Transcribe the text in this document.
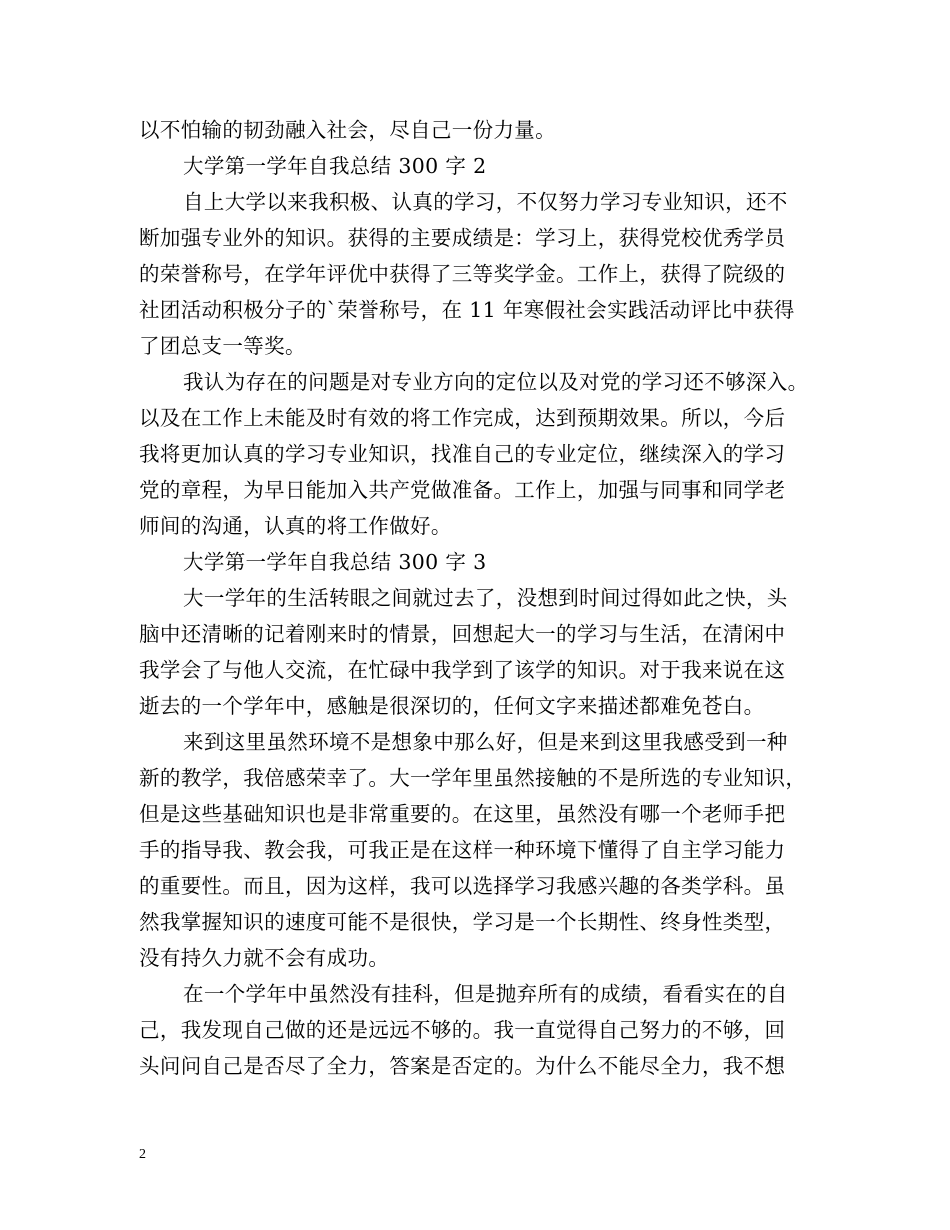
以不怕输的韧劲融入社会，尽自己一份力量。
大学第一学年自我总结 300 字 2
自上大学以来我积极、认真的学习，不仅努力学习专业知识，还不
断加强专业外的知识。获得的主要成绩是：学习上，获得党校优秀学员
的荣誉称号，在学年评优中获得了三等奖学金。工作上，获得了院级的
社团活动积极分子的`荣誉称号，在 11 年寒假社会实践活动评比中获得
了团总支一等奖。
我认为存在的问题是对专业方向的定位以及对党的学习还不够深入。
以及在工作上未能及时有效的将工作完成，达到预期效果。所以，今后
我将更加认真的学习专业知识，找准自己的专业定位，继续深入的学习
党的章程，为早日能加入共产党做准备。工作上，加强与同事和同学老
师间的沟通，认真的将工作做好。
大学第一学年自我总结 300 字 3
大一学年的生活转眼之间就过去了，没想到时间过得如此之快，头
脑中还清晰的记着刚来时的情景，回想起大一的学习与生活，在清闲中
我学会了与他人交流，在忙碌中我学到了该学的知识。对于我来说在这
逝去的一个学年中，感触是很深切的，任何文字来描述都难免苍白。
来到这里虽然环境不是想象中那么好，但是来到这里我感受到一种
新的教学，我倍感荣幸了。大一学年里虽然接触的不是所选的专业知识，
但是这些基础知识也是非常重要的。在这里，虽然没有哪一个老师手把
手的指导我、教会我，可我正是在这样一种环境下懂得了自主学习能力
的重要性。而且，因为这样，我可以选择学习我感兴趣的各类学科。虽
然我掌握知识的速度可能不是很快，学习是一个长期性、终身性类型，
没有持久力就不会有成功。
在一个学年中虽然没有挂科，但是抛弃所有的成绩，看看实在的自
己，我发现自己做的还是远远不够的。我一直觉得自己努力的不够，回
头问问自己是否尽了全力，答案是否定的。为什么不能尽全力，我不想
2
